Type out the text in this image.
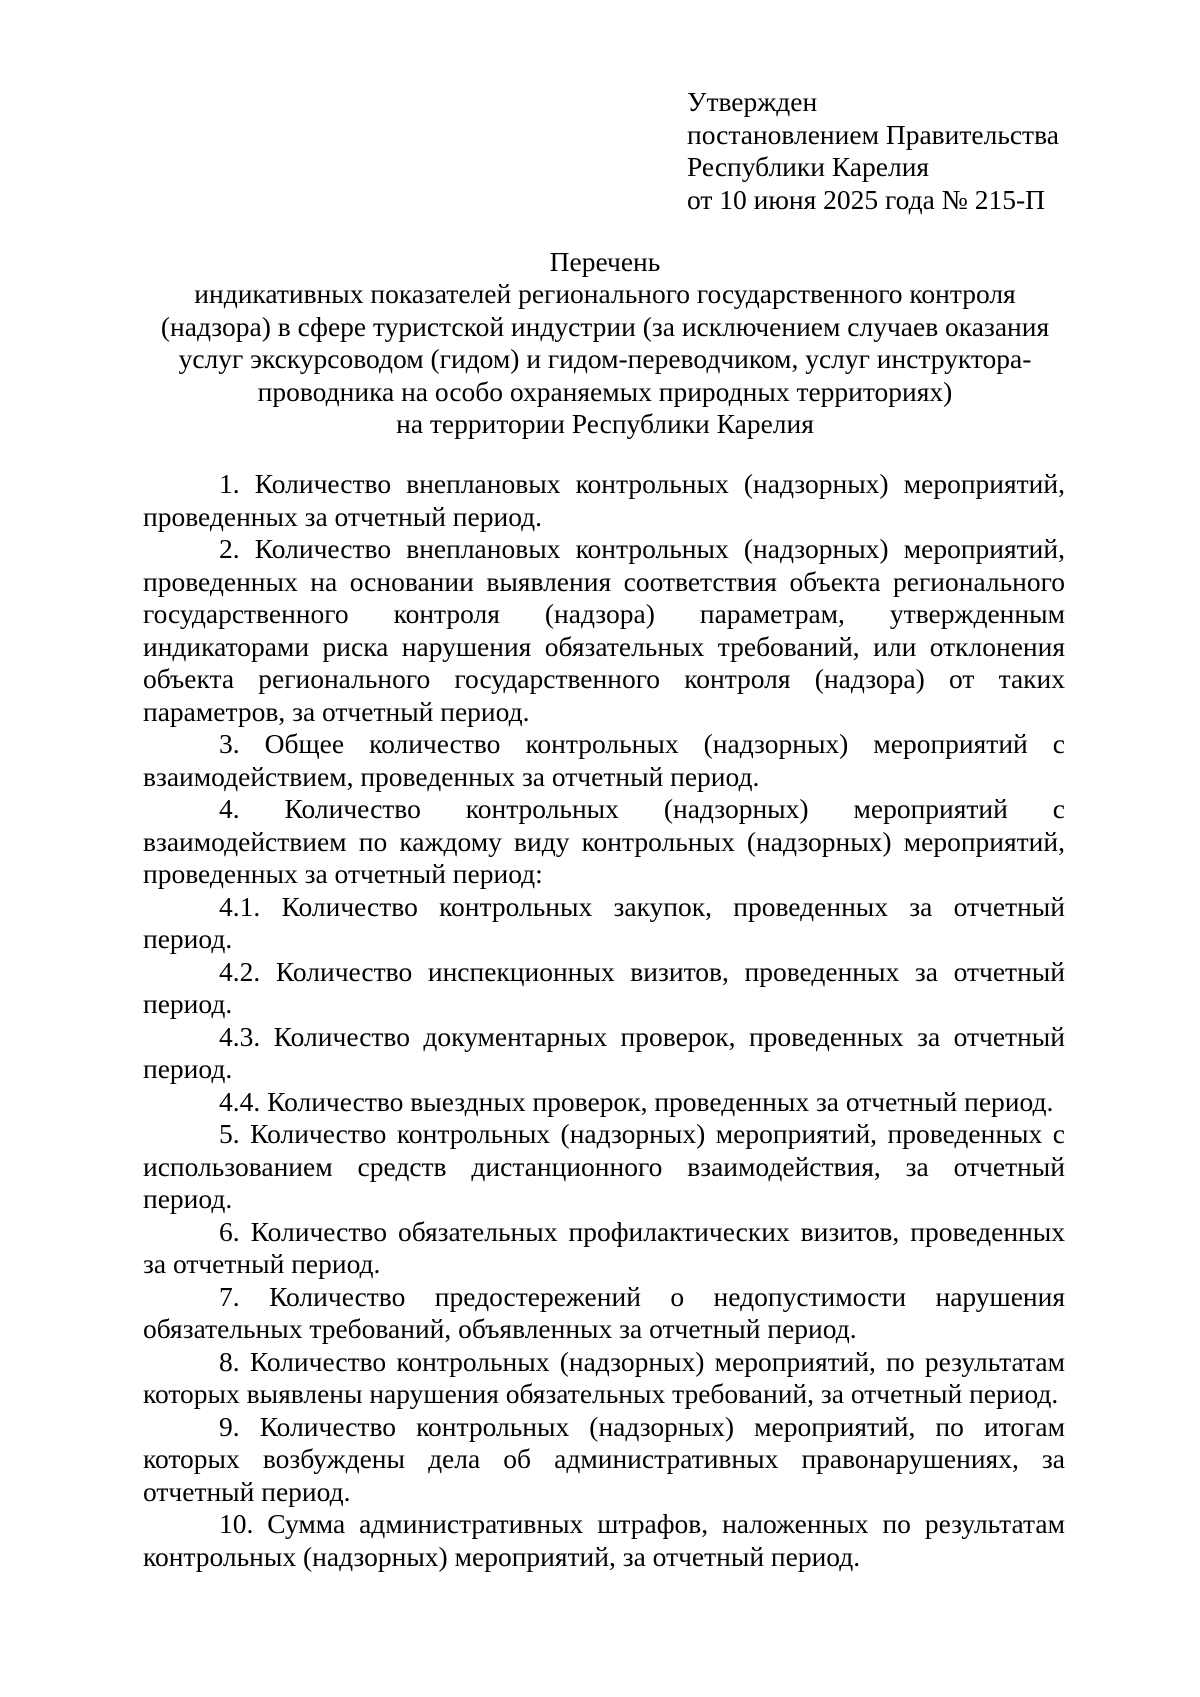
Утвержден
постановлением Правительства
Республики Карелия
от 10 июня 2025 года № 215-П
Перечень
индикативных показателей регионального государственного контроля
(надзора) в сфере туристской индустрии (за исключением случаев оказания
услуг экскурсоводом (гидом) и гидом-переводчиком, услуг инструктора-
проводника на особо охраняемых природных территориях)
на территории Республики Карелия

1. Количество внеплановых контрольных (надзорных) мероприятий, проведенных за отчетный период.

2. Количество внеплановых контрольных (надзорных) мероприятий, проведенных на основании выявления соответствия объекта регионального государственного контроля (надзора) параметрам, утвержденным индикаторами риска нарушения обязательных требований, или отклонения объекта регионального государственного контроля (надзора) от таких параметров, за отчетный период.

3. Общее количество контрольных (надзорных) мероприятий с взаимодействием, проведенных за отчетный период.

4. Количество контрольных (надзорных) мероприятий с взаимодействием по каждому виду контрольных (надзорных) мероприятий, проведенных за отчетный период:

4.1. Количество контрольных закупок, проведенных за отчетный период.

4.2. Количество инспекционных визитов, проведенных за отчетный период.

4.3. Количество документарных проверок, проведенных за отчетный период.

4.4. Количество выездных проверок, проведенных за отчетный период.

5. Количество контрольных (надзорных) мероприятий, проведенных с использованием средств дистанционного взаимодействия, за отчетный период.

6. Количество обязательных профилактических визитов, проведенных за отчетный период.

7. Количество предостережений о недопустимости нарушения обязательных требований, объявленных за отчетный период.

8. Количество контрольных (надзорных) мероприятий, по результатам которых выявлены нарушения обязательных требований, за отчетный период.

9. Количество контрольных (надзорных) мероприятий, по итогам которых возбуждены дела об административных правонарушениях, за отчетный период.

10. Сумма административных штрафов, наложенных по результатам контрольных (надзорных) мероприятий, за отчетный период.
